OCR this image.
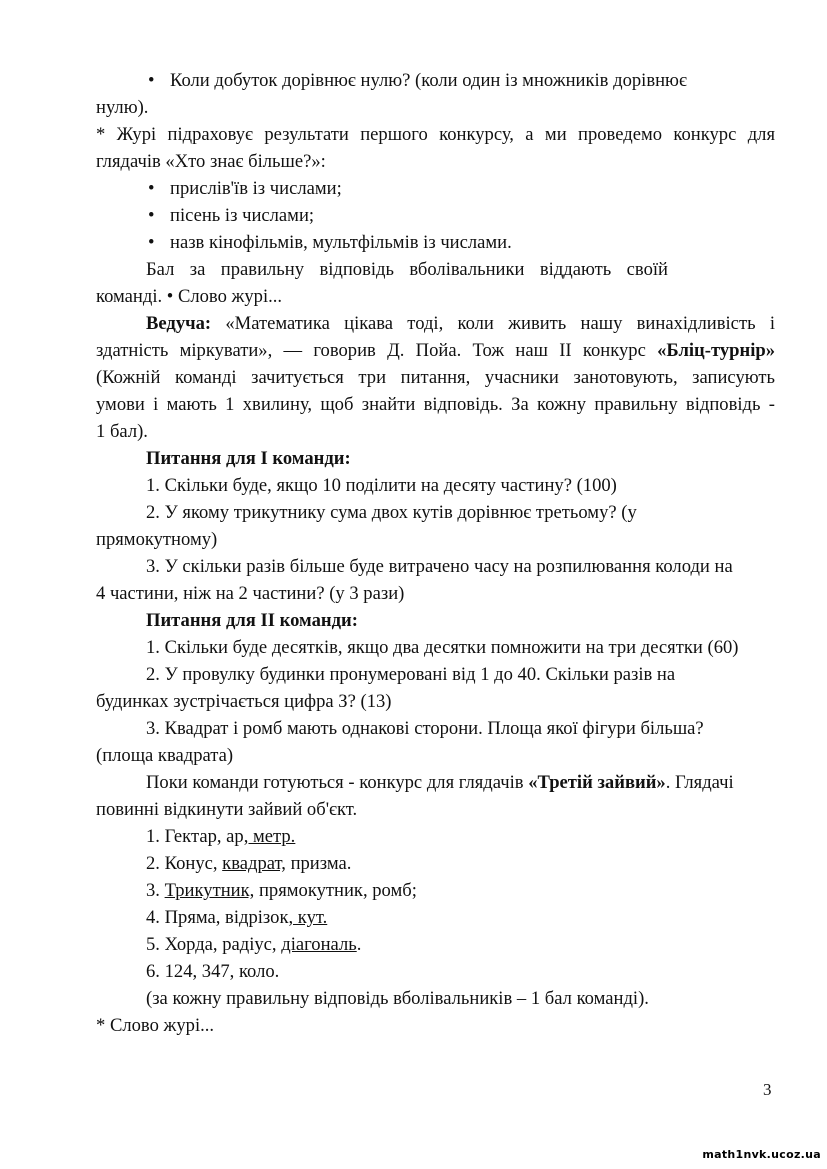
• Коли добуток дорівнює нулю? (коли один із множників дорівнює
нулю).
* Журі підраховує результати першого конкурсу, а ми проведемо конкурс для
глядачів «Хто знає більше?»:
• прислів'їв із числами;
• пісень із числами;
• назв кінофільмів, мультфільмів із числами.
Бал за правильну відповідь вболівальники віддають своїй
команді. • Слово журі...
Ведуча: «Математика цікава тоді, коли живить нашу винахідливість і
здатність міркувати», — говорив Д. Пойа. Тож наш ІІ конкурс «Бліц-турнір»
(Кожній команді зачитується три питання, учасники занотовують, записують
умови і мають 1 хвилину, щоб знайти відповідь. За кожну правильну відповідь -
1 бал).
Питання для І команди:
1. Скільки буде, якщо 10 поділити на десяту частину? (100)
2. У якому трикутнику сума двох кутів дорівнює третьому? (у
прямокутному)
3. У скільки разів більше буде витрачено часу на розпилювання колоди на
4 частини, ніж на 2 частини? (у 3 рази)
Питання для ІІ команди:
1. Скільки буде десятків, якщо два десятки помножити на три десятки (60)
2. У провулку будинки пронумеровані від 1 до 40. Скільки разів на
будинках зустрічається цифра З? (13)
3. Квадрат і ромб мають однакові сторони. Площа якої фігури більша?
(площа квадрата)
Поки команди готуються - конкурс для глядачів «Третій зайвий». Глядачі
повинні відкинути зайвий об'єкт.
1. Гектар, ар, метр.
2. Конус, квадрат, призма.
3. Трикутник, прямокутник, ромб;
4. Пряма, відрізок, кут.
5. Хорда, радіус, діагональ.
6. 124, 347, коло.
(за кожну правильну відповідь вболівальників – 1 бал команді).
* Слово журі...
3
math1nvk.ucoz.ua
